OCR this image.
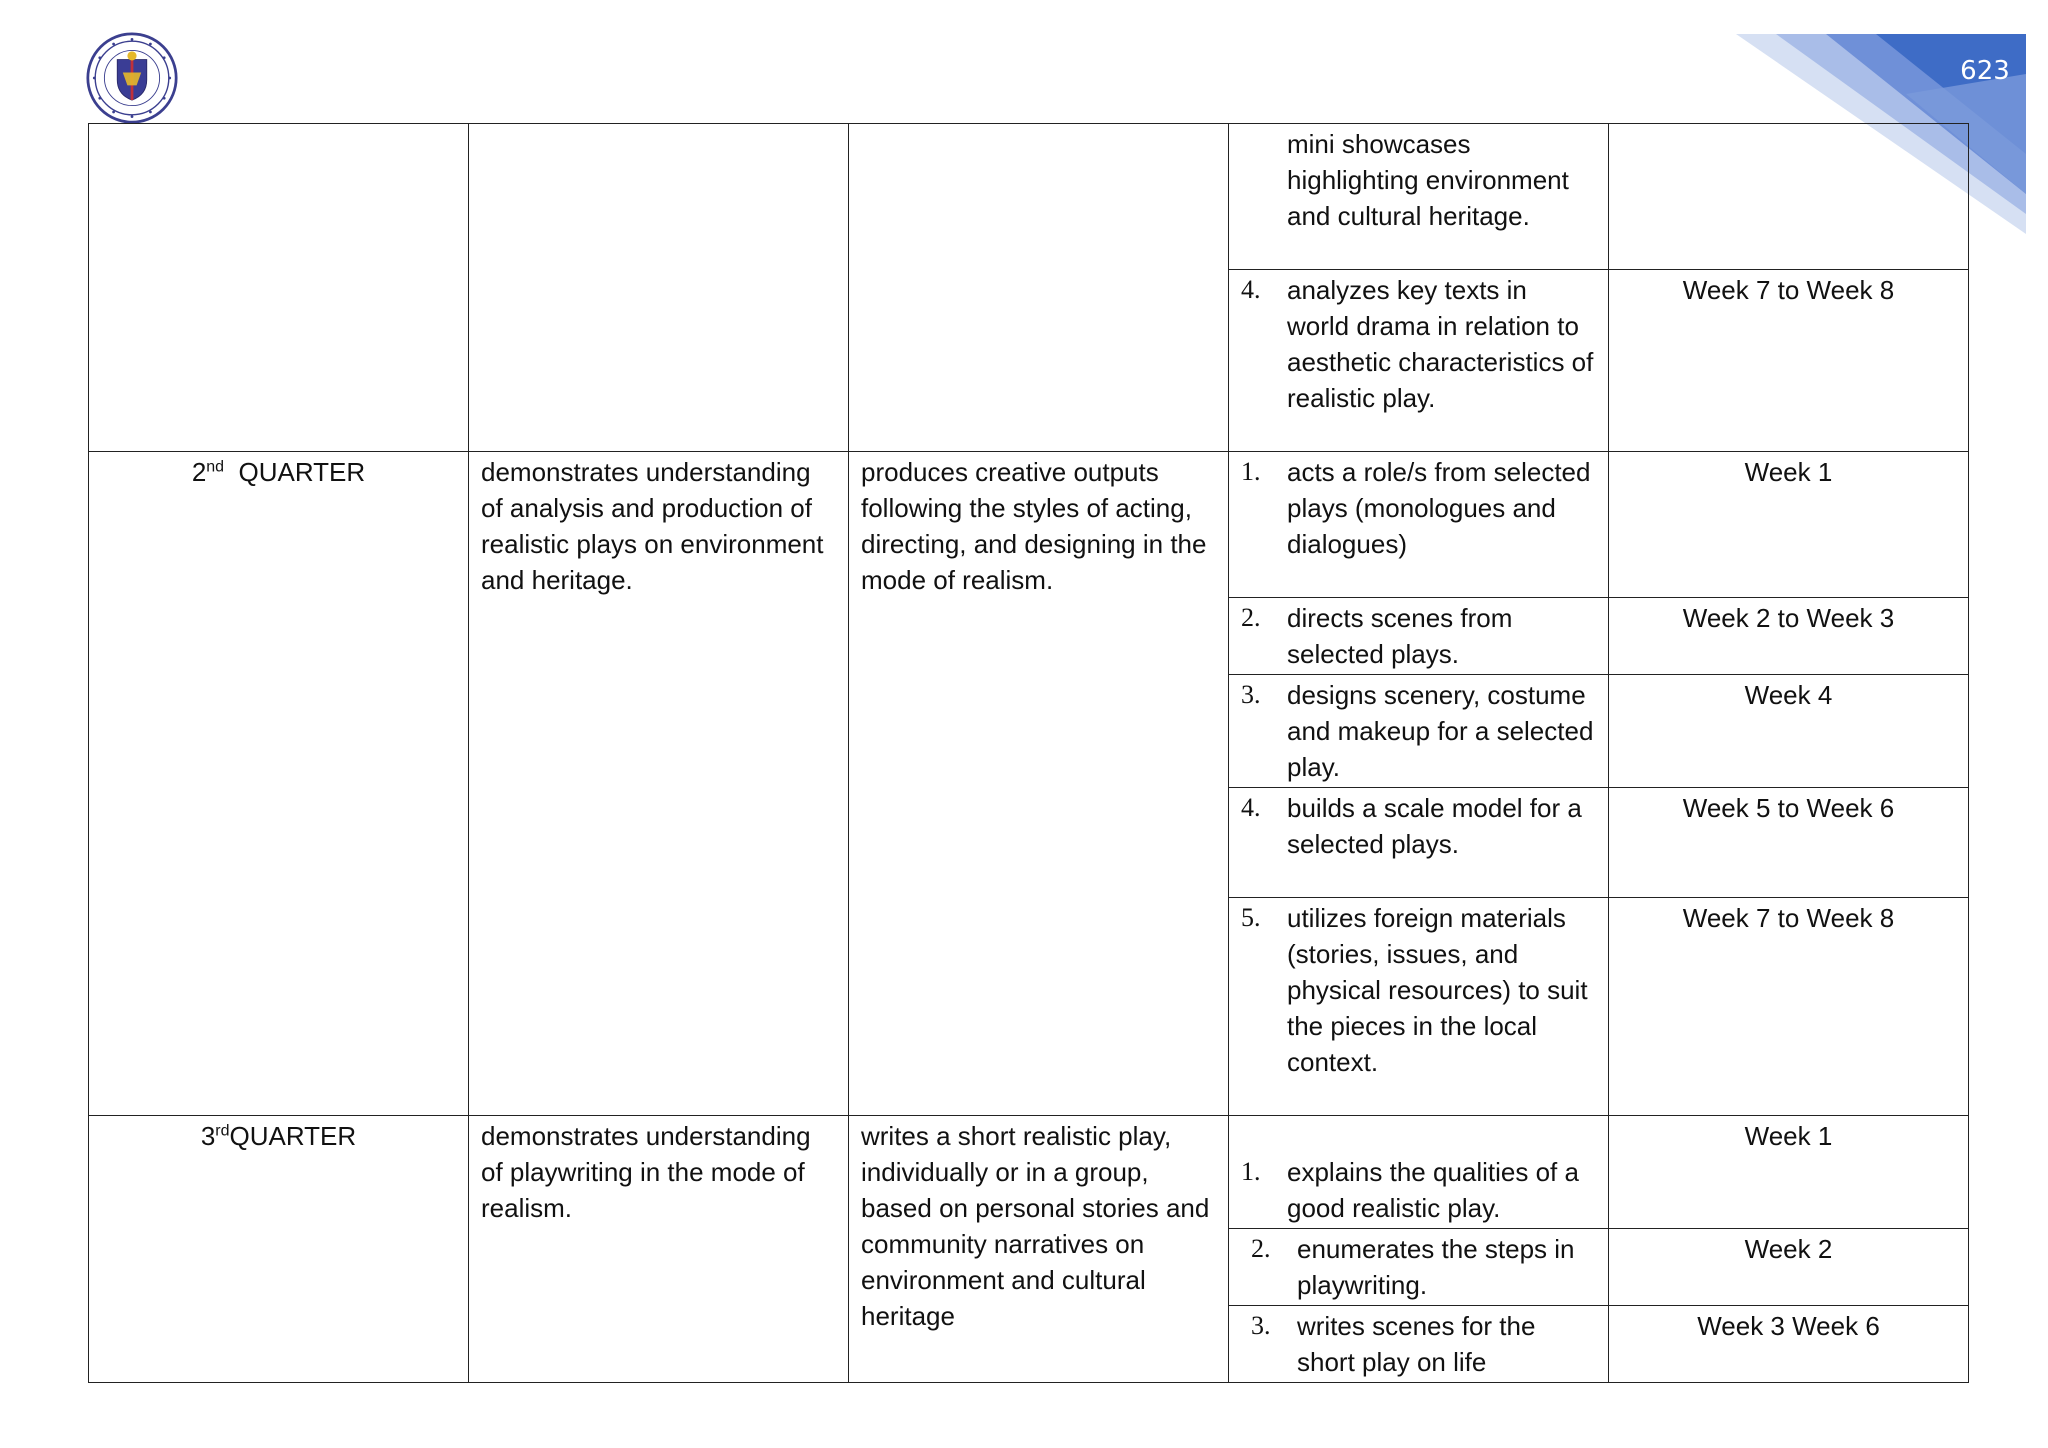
623

			mini showcases highlighting environment and cultural heritage.	

			4. analyzes key texts in world drama in relation to aesthetic characteristics of realistic play.	Week 7 to Week 8
2nd  QUARTER	demonstrates understanding of analysis and production of realistic plays on environment and heritage.	produces creative outputs following the styles of acting, directing, and designing in the mode of realism.	1. acts a role/s from selected plays (monologues and dialogues)	Week 1

			2. directs scenes from selected plays.	Week 2 to Week 3

			3. designs scenery, costume and makeup for a selected play.	Week 4

			4. builds a scale model for a selected plays.	Week 5 to Week 6

			5. utilizes foreign materials (stories, issues, and physical resources) to suit the pieces in the local context.	Week 7 to Week 8
3rdQUARTER	demonstrates understanding of playwriting in the mode of realism.	writes a short realistic play, individually or in a group, based on personal stories and community narratives on environment and cultural heritage	1. explains the qualities of a good realistic play.	Week 1

			2. enumerates the steps in playwriting.	Week 2

			3. writes scenes for the short play on life	Week 3 Week 6
